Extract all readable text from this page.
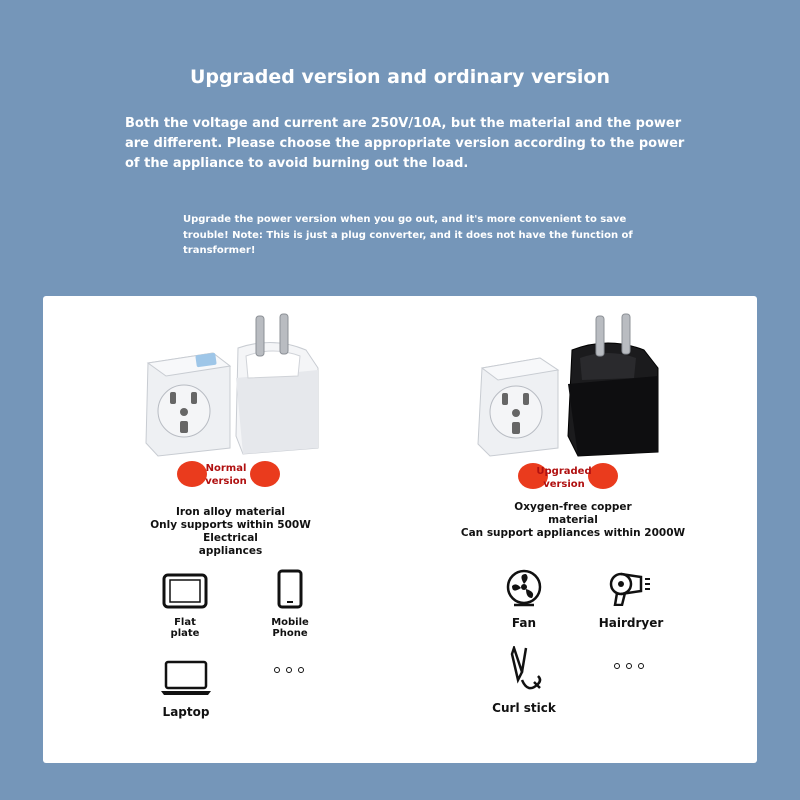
Upgraded version and ordinary version
Both the voltage and current are 250V/10A, but the material and the power are different. Please choose the appropriate version according to the power of the appliance to avoid burning out the load.
Upgrade the power version when you go out, and it's more convenient to save trouble! Note: This is just a plug converter, and it does not have the function of transformer!
Normal
version
Iron alloy material
Only supports within 500W Electrical
appliances
Flat
plate
Mobile
Phone
Laptop
Upgraded
version
Oxygen-free copper
material
Can support appliances within 2000W
Fan	Hairdryer
Curl stick
